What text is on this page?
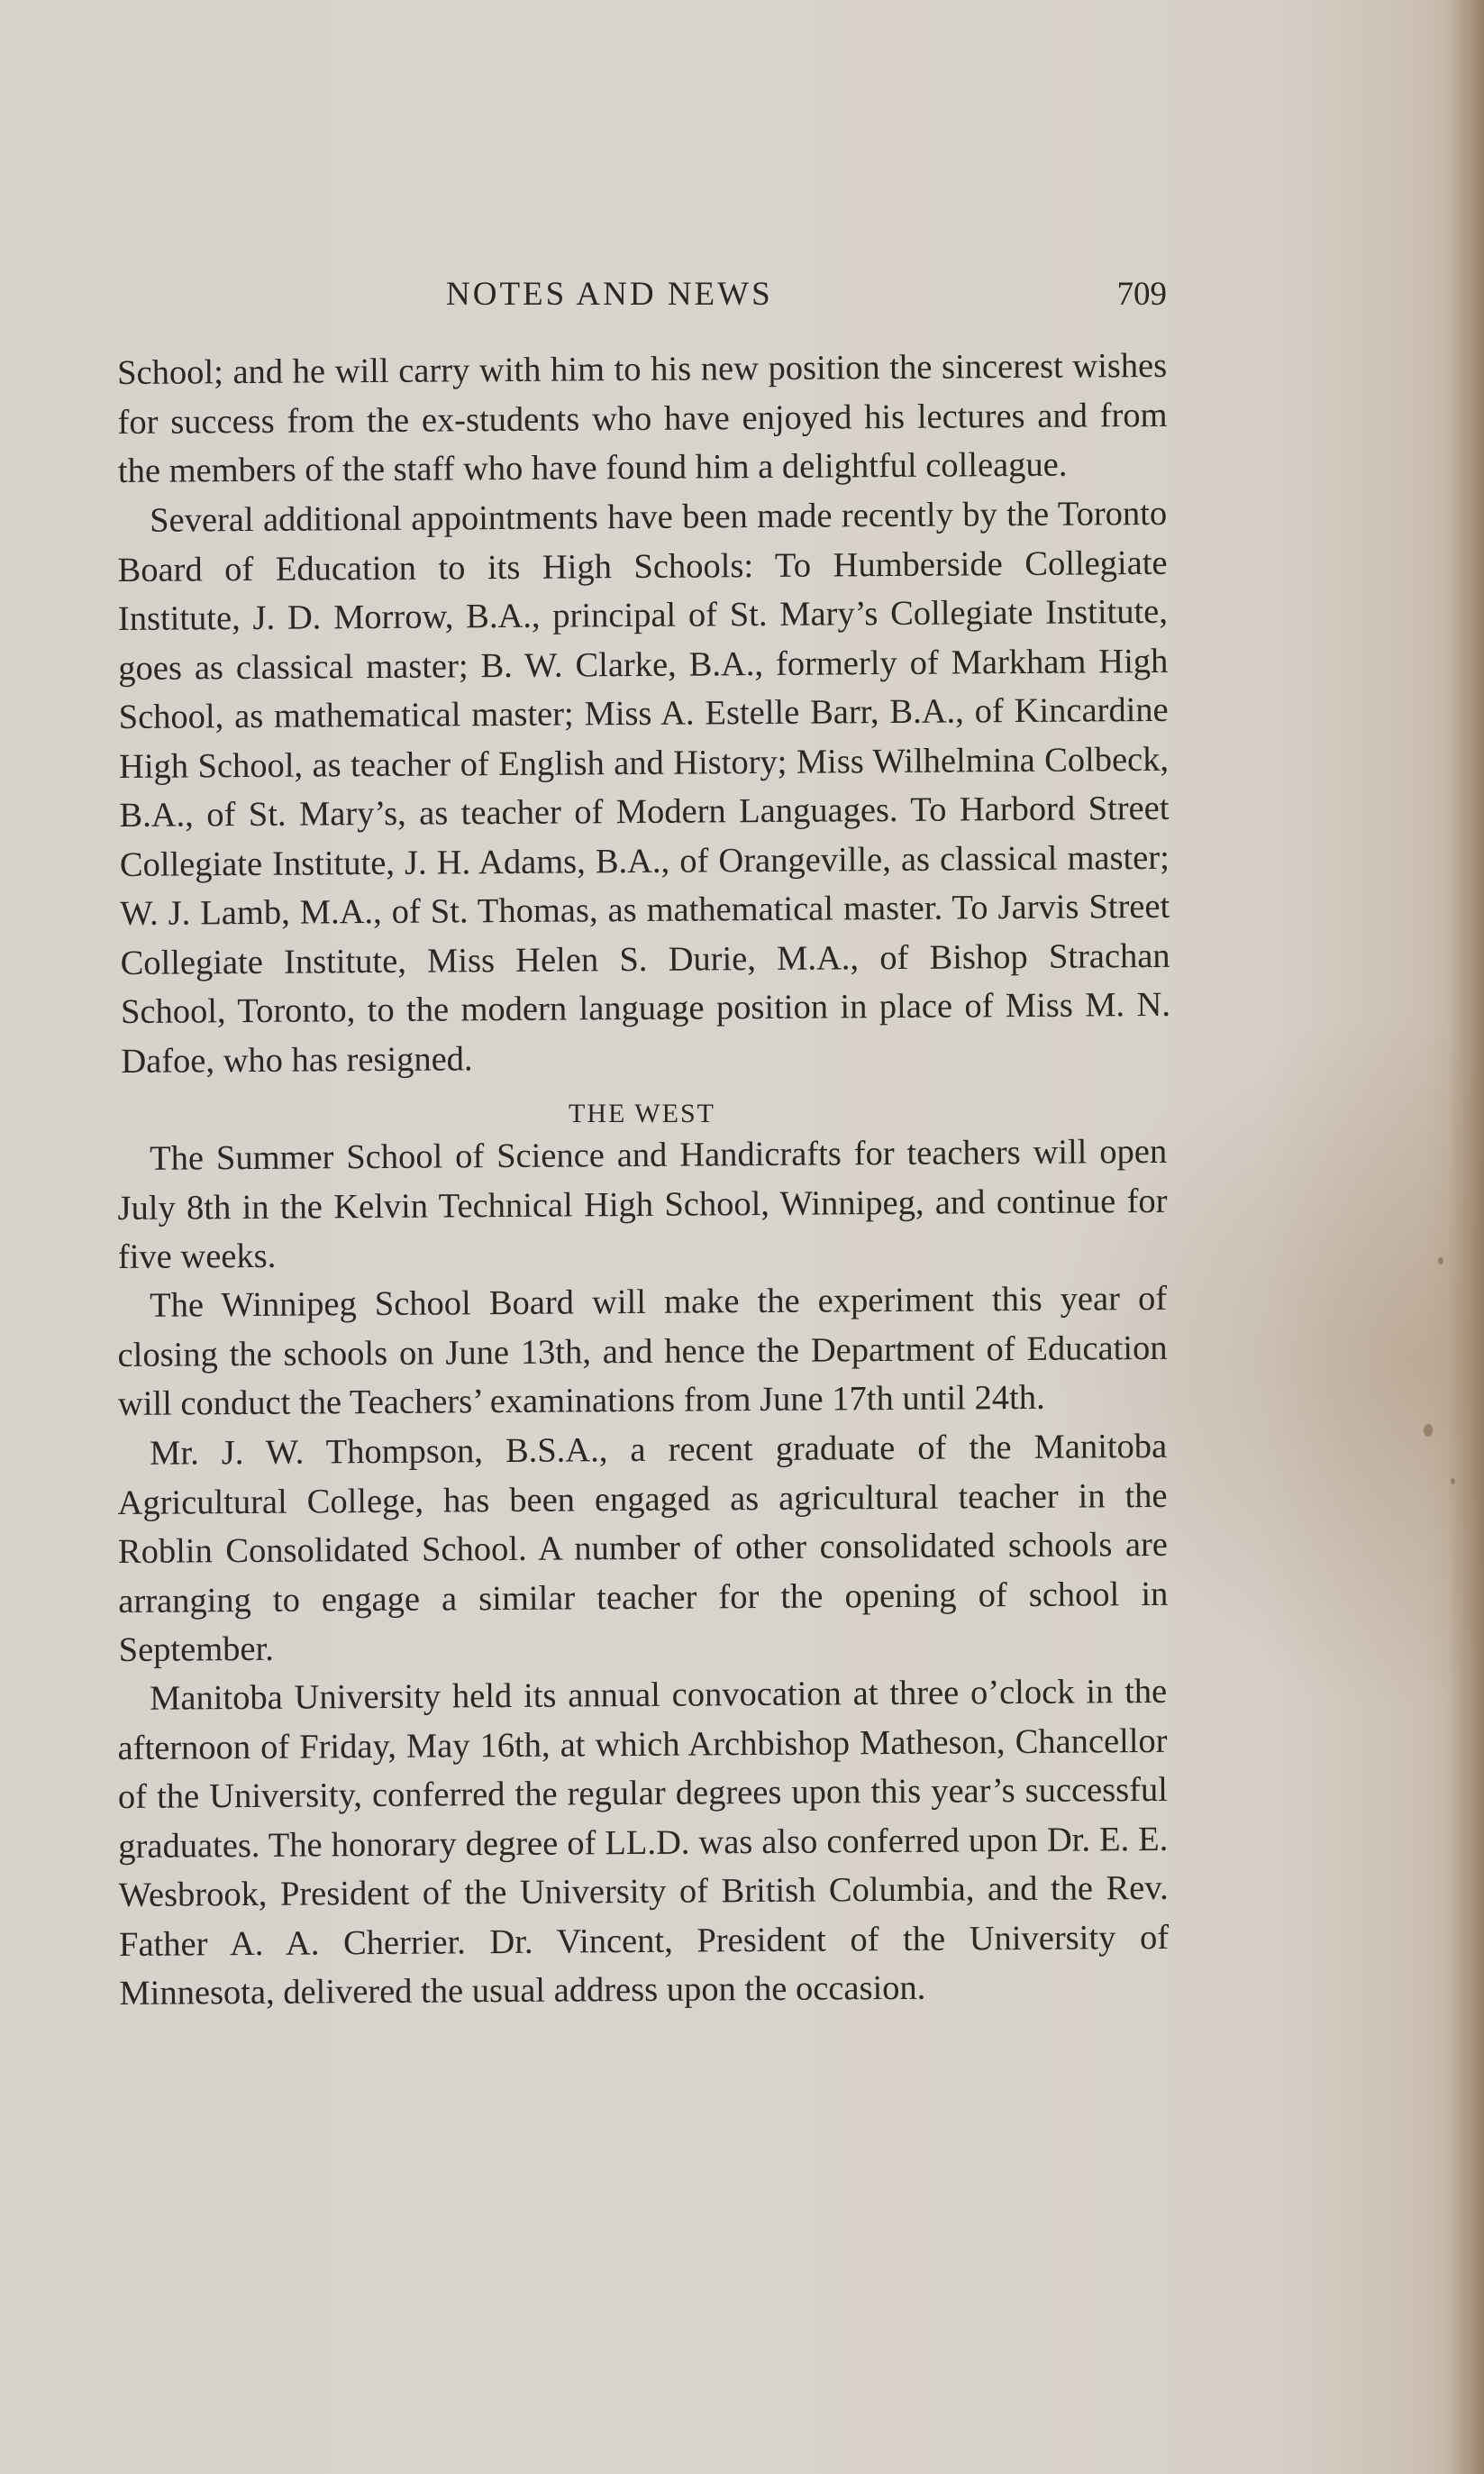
NOTES AND NEWS	709

School; and he will carry with him to his new position the sincerest wishes for success from the ex-students who have enjoyed his lectures and from the members of the staff who have found him a delightful colleague.

Several additional appointments have been made recently by the Toronto Board of Education to its High Schools: To Humberside Collegiate Institute, J. D. Morrow, B.A., principal of St. Mary’s Collegiate Institute, goes as classical master; B. W. Clarke, B.A., formerly of Markham High School, as mathematical master; Miss A. Estelle Barr, B.A., of Kincardine High School, as teacher of English and History; Miss Wilhelmina Colbeck, B.A., of St. Mary’s, as teacher of Modern Languages. To Harbord Street Collegiate Institute, J. H. Adams, B.A., of Orangeville, as classical master; W. J. Lamb, M.A., of St. Thomas, as mathematical master. To Jarvis Street Collegiate Institute, Miss Helen S. Durie, M.A., of Bishop Strachan School, Toronto, to the modern language position in place of Miss M. N. Dafoe, who has resigned.

THE WEST

The Summer School of Science and Handicrafts for teachers will open July 8th in the Kelvin Technical High School, Winnipeg, and continue for five weeks.

The Winnipeg School Board will make the experiment this year of closing the schools on June 13th, and hence the Department of Education will conduct the Teachers’ examinations from June 17th until 24th.

Mr. J. W. Thompson, B.S.A., a recent graduate of the Manitoba Agricultural College, has been engaged as agricultural teacher in the Roblin Consolidated School. A number of other consolidated schools are arranging to engage a similar teacher for the opening of school in September.

Manitoba University held its annual convocation at three o’clock in the afternoon of Friday, May 16th, at which Archbishop Matheson, Chancellor of the University, conferred the regular degrees upon this year’s successful graduates. The honorary degree of LL.D. was also conferred upon Dr. E. E. Wesbrook, President of the University of British Columbia, and the Rev. Father A. A. Cherrier. Dr. Vincent, President of the University of Minnesota, delivered the usual address upon the occasion.
